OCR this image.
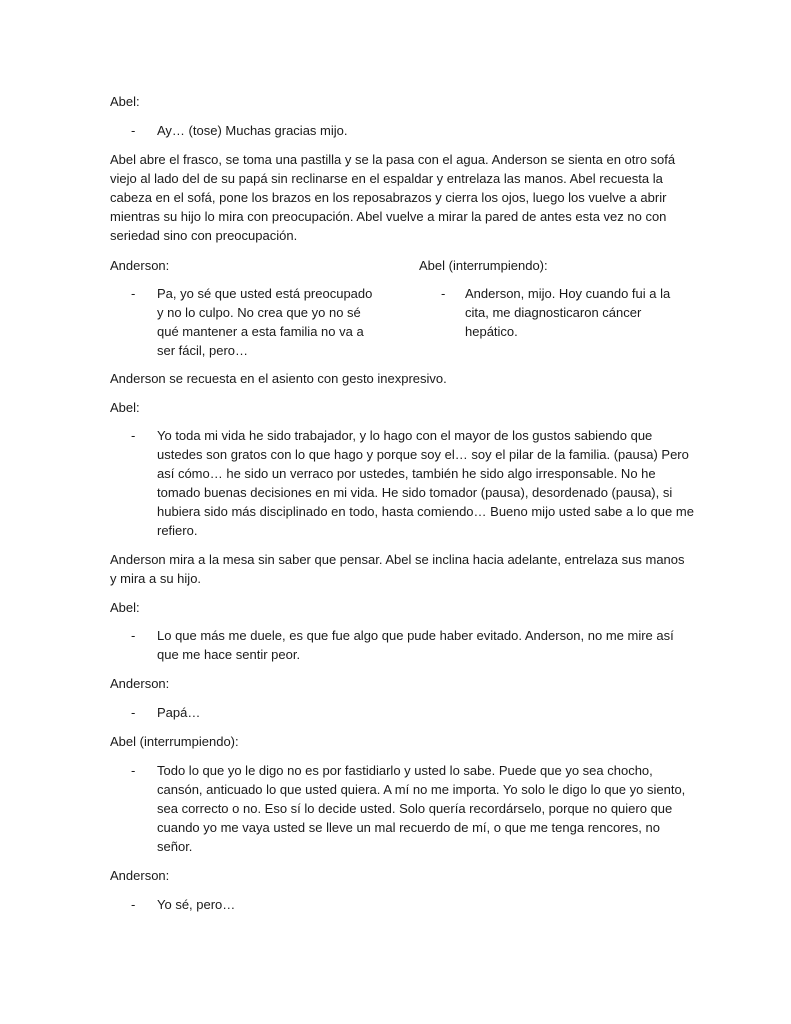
Abel:
-	Ay… (tose) Muchas gracias mijo.
Abel abre el frasco, se toma una pastilla y se la pasa con el agua. Anderson se sienta en otro sofá viejo al lado del de su papá sin reclinarse en el espaldar y entrelaza las manos. Abel recuesta la cabeza en el sofá, pone los brazos en los reposabrazos y cierra los ojos, luego los vuelve a abrir mientras su hijo lo mira con preocupación. Abel vuelve a mirar la pared de antes esta vez no con seriedad sino con preocupación.
Anderson:
-	Pa, yo sé que usted está preocupado y no lo culpo. No crea que yo no sé qué mantener a esta familia no va a ser fácil, pero…
Abel (interrumpiendo):
-	Anderson, mijo. Hoy cuando fui a la cita, me diagnosticaron cáncer hepático.
Anderson se recuesta en el asiento con gesto inexpresivo.
Abel:
-	Yo toda mi vida he sido trabajador, y lo hago con el mayor de los gustos sabiendo que ustedes son gratos con lo que hago y porque soy el… soy el pilar de la familia. (pausa) Pero así cómo… he sido un verraco por ustedes, también he sido algo irresponsable. No he tomado buenas decisiones en mi vida. He sido tomador (pausa), desordenado (pausa), si hubiera sido más disciplinado en todo, hasta comiendo… Bueno mijo usted sabe a lo que me refiero.
Anderson mira a la mesa sin saber que pensar. Abel se inclina hacia adelante, entrelaza sus manos y mira a su hijo.
Abel:
-	Lo que más me duele, es que fue algo que pude haber evitado. Anderson, no me mire así que me hace sentir peor.
Anderson:
-	Papá…
Abel (interrumpiendo):
-	Todo lo que yo le digo no es por fastidiarlo y usted lo sabe. Puede que yo sea chocho, cansón, anticuado lo que usted quiera. A mí no me importa. Yo solo le digo lo que yo siento, sea correcto o no. Eso sí lo decide usted. Solo quería recordárselo, porque no quiero que cuando yo me vaya usted se lleve un mal recuerdo de mí, o que me tenga rencores, no señor.
Anderson:
-	Yo sé, pero…
